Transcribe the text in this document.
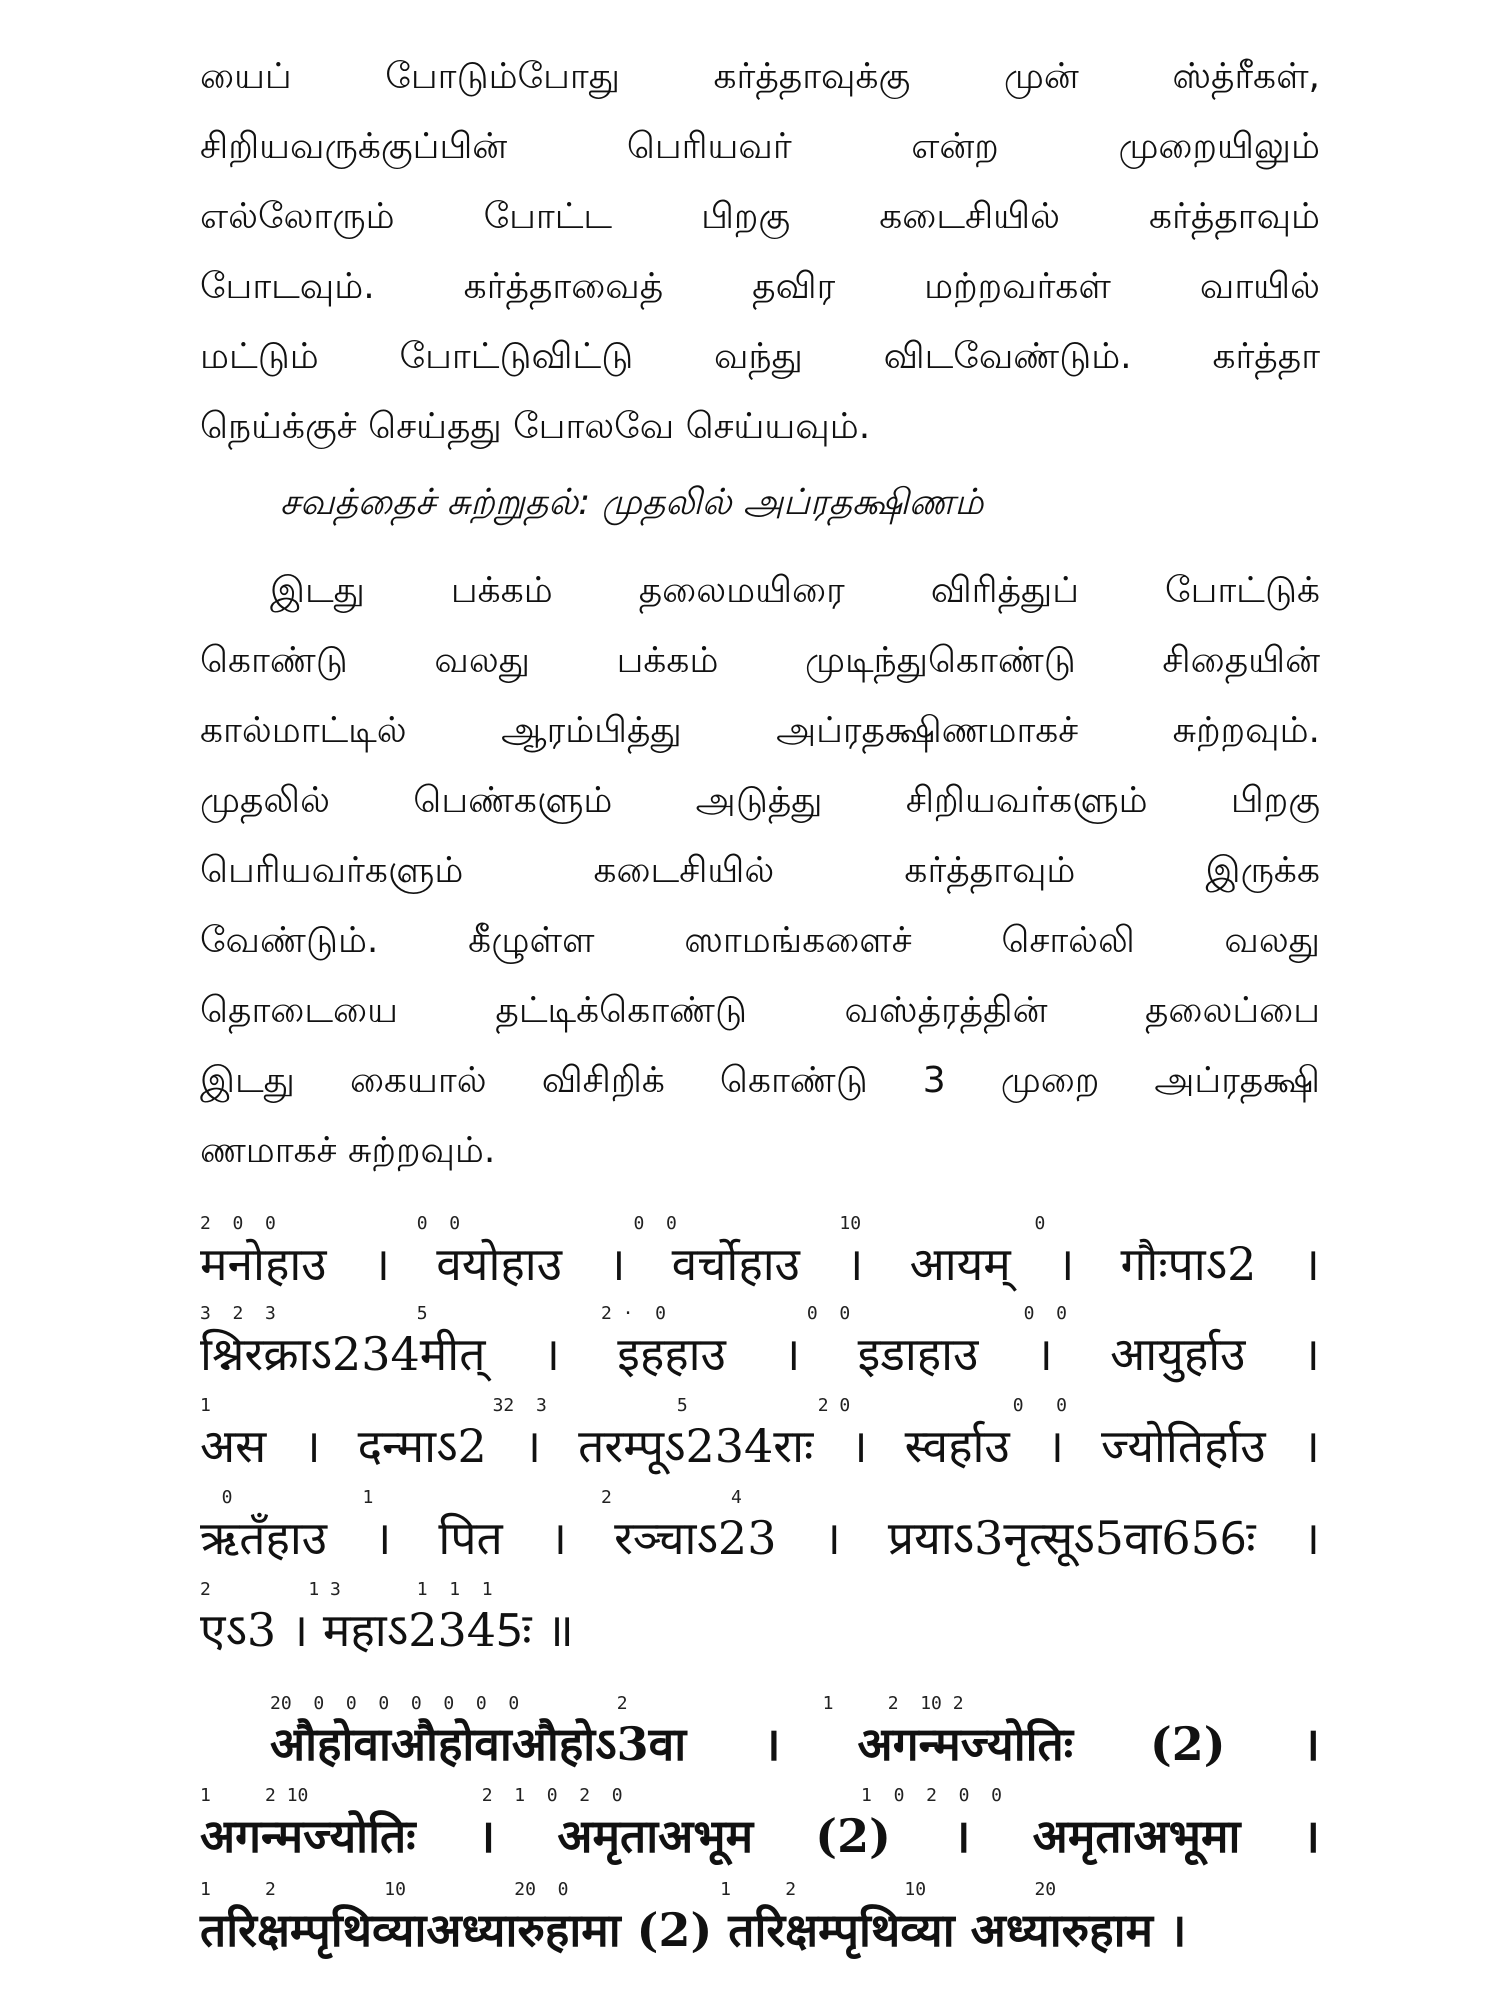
யைப் போடும்போது கர்த்தாவுக்கு முன் ஸ்த்ரீகள்,

சிறியவருக்குப்பின் பெரியவர் என்ற முறையிலும்

எல்லோரும் போட்ட பிறகு கடைசியில் கர்த்தாவும்

போடவும். கர்த்தாவைத் தவிர மற்றவர்கள் வாயில்

மட்டும் போட்டுவிட்டு வந்து விடவேண்டும். கர்த்தா

நெய்க்குச் செய்தது போலவே செய்யவும்.

சவத்தைச் சுற்றுதல்: முதலில் அப்ரதக்ஷிணம்

இடது பக்கம் தலைமயிரை விரித்துப் போட்டுக்

கொண்டு வலது பக்கம் முடிந்துகொண்டு சிதையின்

கால்மாட்டில் ஆரம்பித்து அப்ரதக்ஷிணமாகச் சுற்றவும்.

முதலில் பெண்களும் அடுத்து சிறியவர்களும் பிறகு

பெரியவர்களும் கடைசியில் கர்த்தாவும் இருக்க

வேண்டும். கீழுள்ள ஸாமங்களைச் சொல்லி வலது

தொடையை தட்டிக்கொண்டு வஸ்த்ரத்தின் தலைப்பை

இடது கையால் விசிறிக் கொண்டு 3 முறை அப்ரதக்ஷி

ணமாகச் சுற்றவும்.

2  0  0             0  0                0  0               10                0
मनोहाउ । वयोहाउ । वर्चोहाउ । आयम् । गौःपाऽ2 ।
3  2  3             5                2 ·  0             0  0                0  0
श्निरक्राऽ234मीत् । इहहाउ । इडाहाउ । आयुर्हाउ ।
1                          32  3            5            2 0               0   0
अस । दन्माऽ2 । तरम्पूऽ234राः । स्वर्हाउ । ज्योतिर्हाउ ।
0            1                     2           4
ऋतँहाउ । पित । रञ्चाऽ23 । प्रयाऽ3नृत्सूऽ5वा656ः ।
2         1 3       1  1  1
एऽ3 । महाऽ2345ः ॥
20  0  0  0  0  0  0  0         2                  1     2  10 2
औहोवाऔहोवाऔहोऽ3वा । अगन्मज्योतिः (2) ।
1     2 10                2  1  0  2  0                      1  0  2  0  0
अगन्मज्योतिः । अमृताअभूम (2) । अमृताअभूमा ।
1     2          10          20  0              1     2          10          20
तरिक्षम्पृथिव्याअध्यारुहामा (2) तरिक्षम्पृथिव्या अध्यारुहाम ।
